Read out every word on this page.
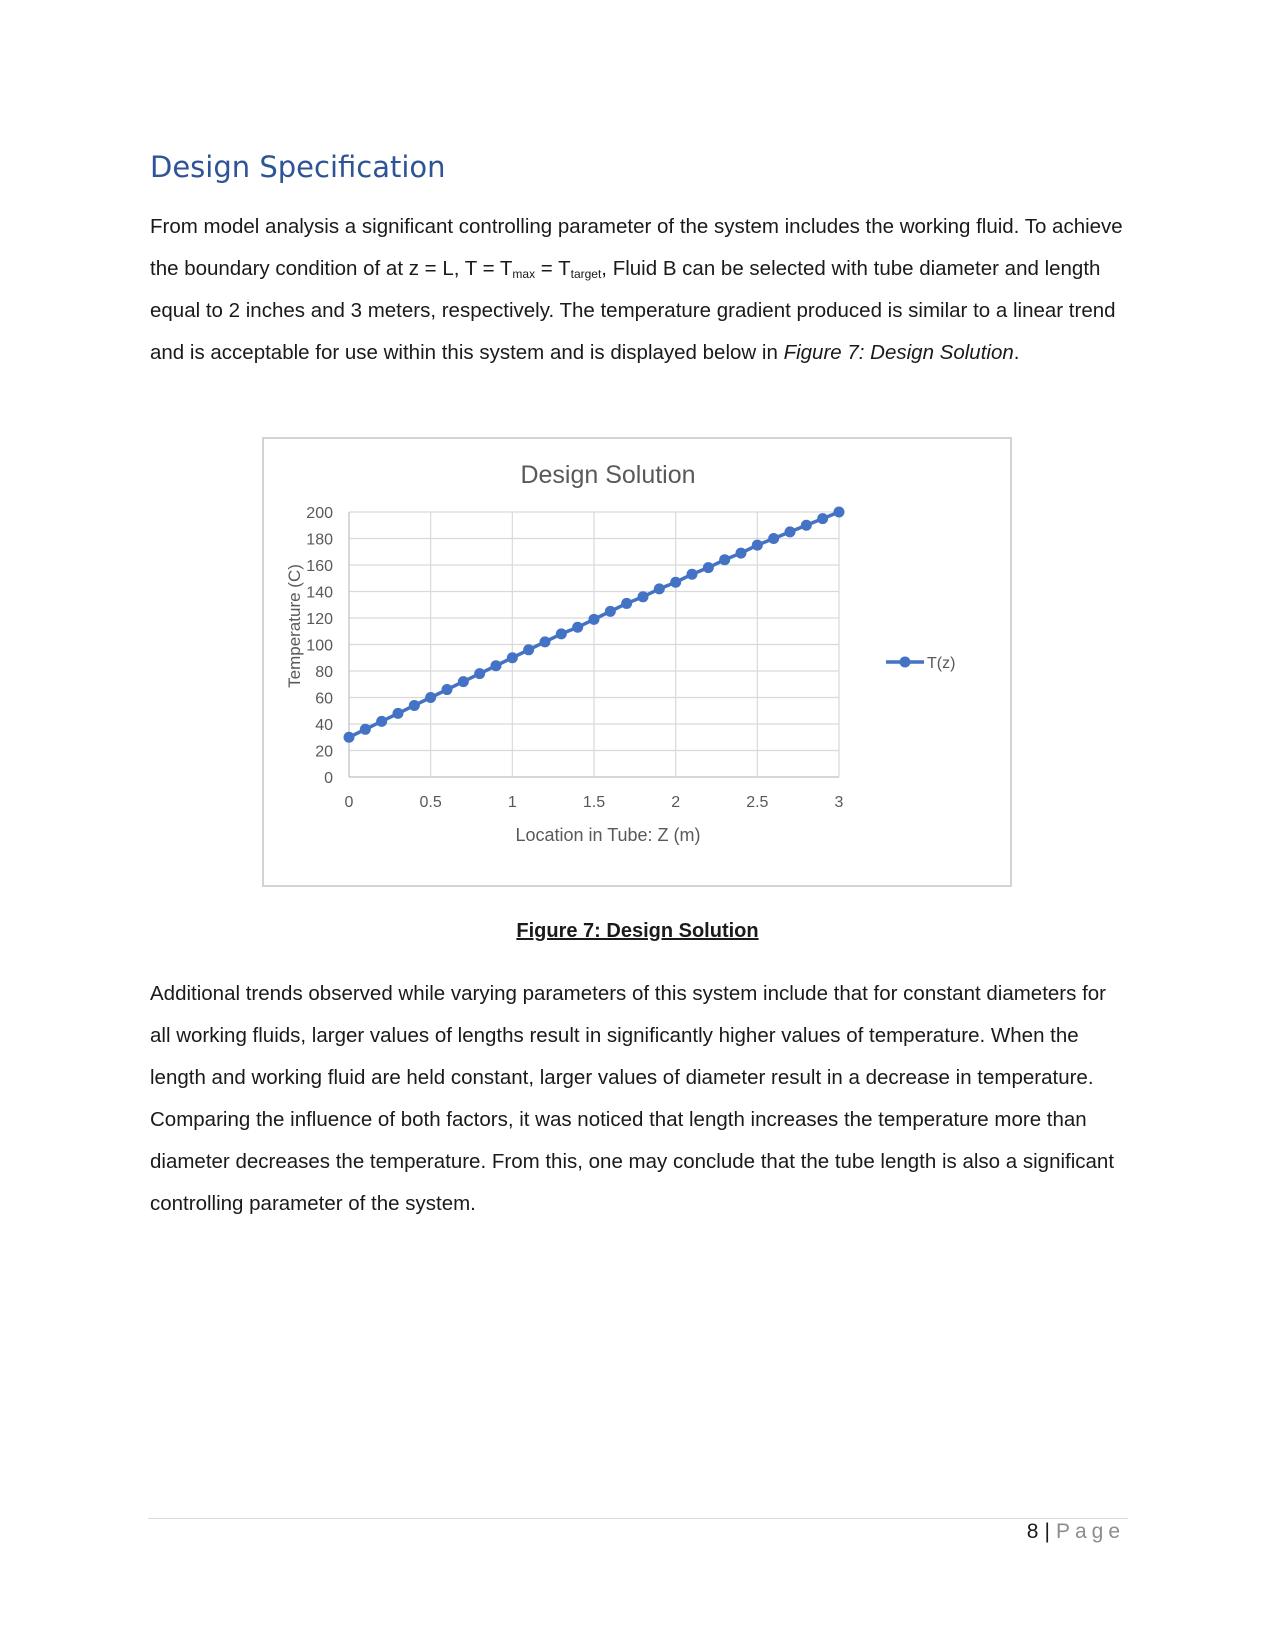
Design Specification

From model analysis a significant controlling parameter of the system includes the working fluid. To achieve the boundary condition of at z = L, $T = T_{max} = T_{target}$, Fluid B can be selected with tube diameter and length equal to 2 inches and 3 meters, respectively. The temperature gradient produced is similar to a linear trend and is acceptable for use within this system and is displayed below in Figure 7: Design Solution.

Design Solution
Temperature (C)
Location in Tube: Z (m)
0
20
40
60
80
100
120
140
160
180
200
0	0.5	1	1.5	2	2.5	3
T(z)
Figure 7: Design Solution

Additional trends observed while varying parameters of this system include that for constant diameters for all working fluids, larger values of lengths result in significantly higher values of temperature. When the length and working fluid are held constant, larger values of diameter result in a decrease in temperature. Comparing the influence of both factors, it was noticed that length increases the temperature more than diameter decreases the temperature. From this, one may conclude that the tube length is also a significant controlling parameter of the system.

8 | Page
